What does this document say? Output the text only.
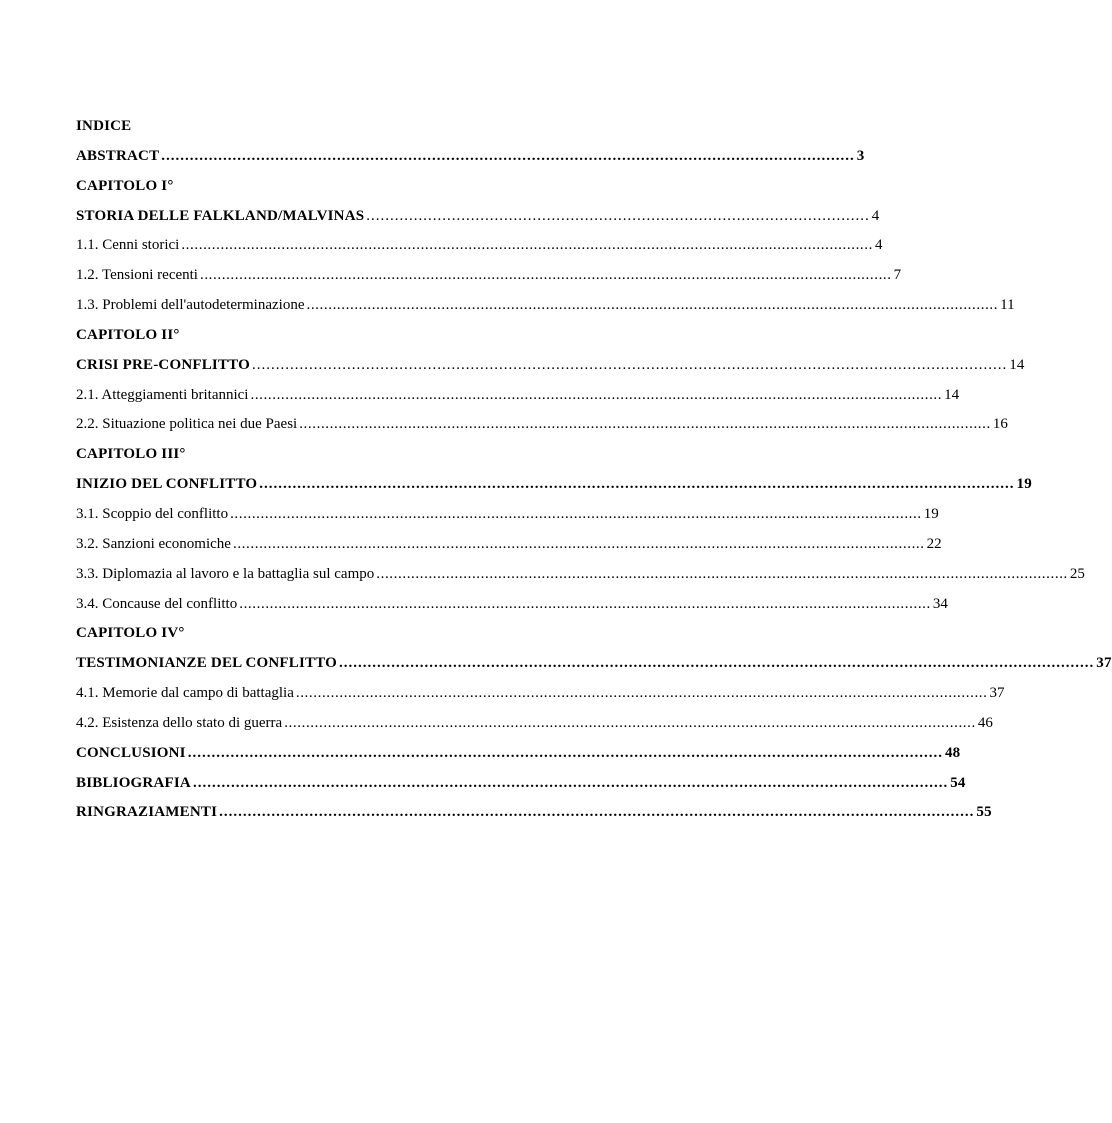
INDICE
ABSTRACT .................................................................................................................................................. 3
CAPITOLO I°
STORIA DELLE FALKLAND/MALVINAS .......................................................................................................... 4
1.1. Cenni storici ............................................................................................................................................................... 4
1.2. Tensioni recenti ............................................................................................................................................................... 7
1.3. Problemi dell'autodeterminazione ............................................................................................................................................................... 11
CAPITOLO II°
CRISI PRE-CONFLITTO ............................................................................................................................................................... 14
2.1. Atteggiamenti britannici ............................................................................................................................................................... 14
2.2. Situazione politica nei due Paesi ............................................................................................................................................................... 16
CAPITOLO III°
INIZIO DEL CONFLITTO ............................................................................................................................................................... 19
3.1. Scoppio del conflitto ............................................................................................................................................................... 19
3.2. Sanzioni economiche ............................................................................................................................................................... 22
3.3. Diplomazia al lavoro e la battaglia sul campo ............................................................................................................................................................... 25
3.4. Concause del conflitto ............................................................................................................................................................... 34
CAPITOLO IV°
TESTIMONIANZE DEL CONFLITTO ............................................................................................................................................................... 37
4.1. Memorie dal campo di battaglia ............................................................................................................................................................... 37
4.2. Esistenza dello stato di guerra ............................................................................................................................................................... 46
CONCLUSIONI ............................................................................................................................................................... 48
BIBLIOGRAFIA ............................................................................................................................................................... 54
RINGRAZIAMENTI ............................................................................................................................................................... 55
